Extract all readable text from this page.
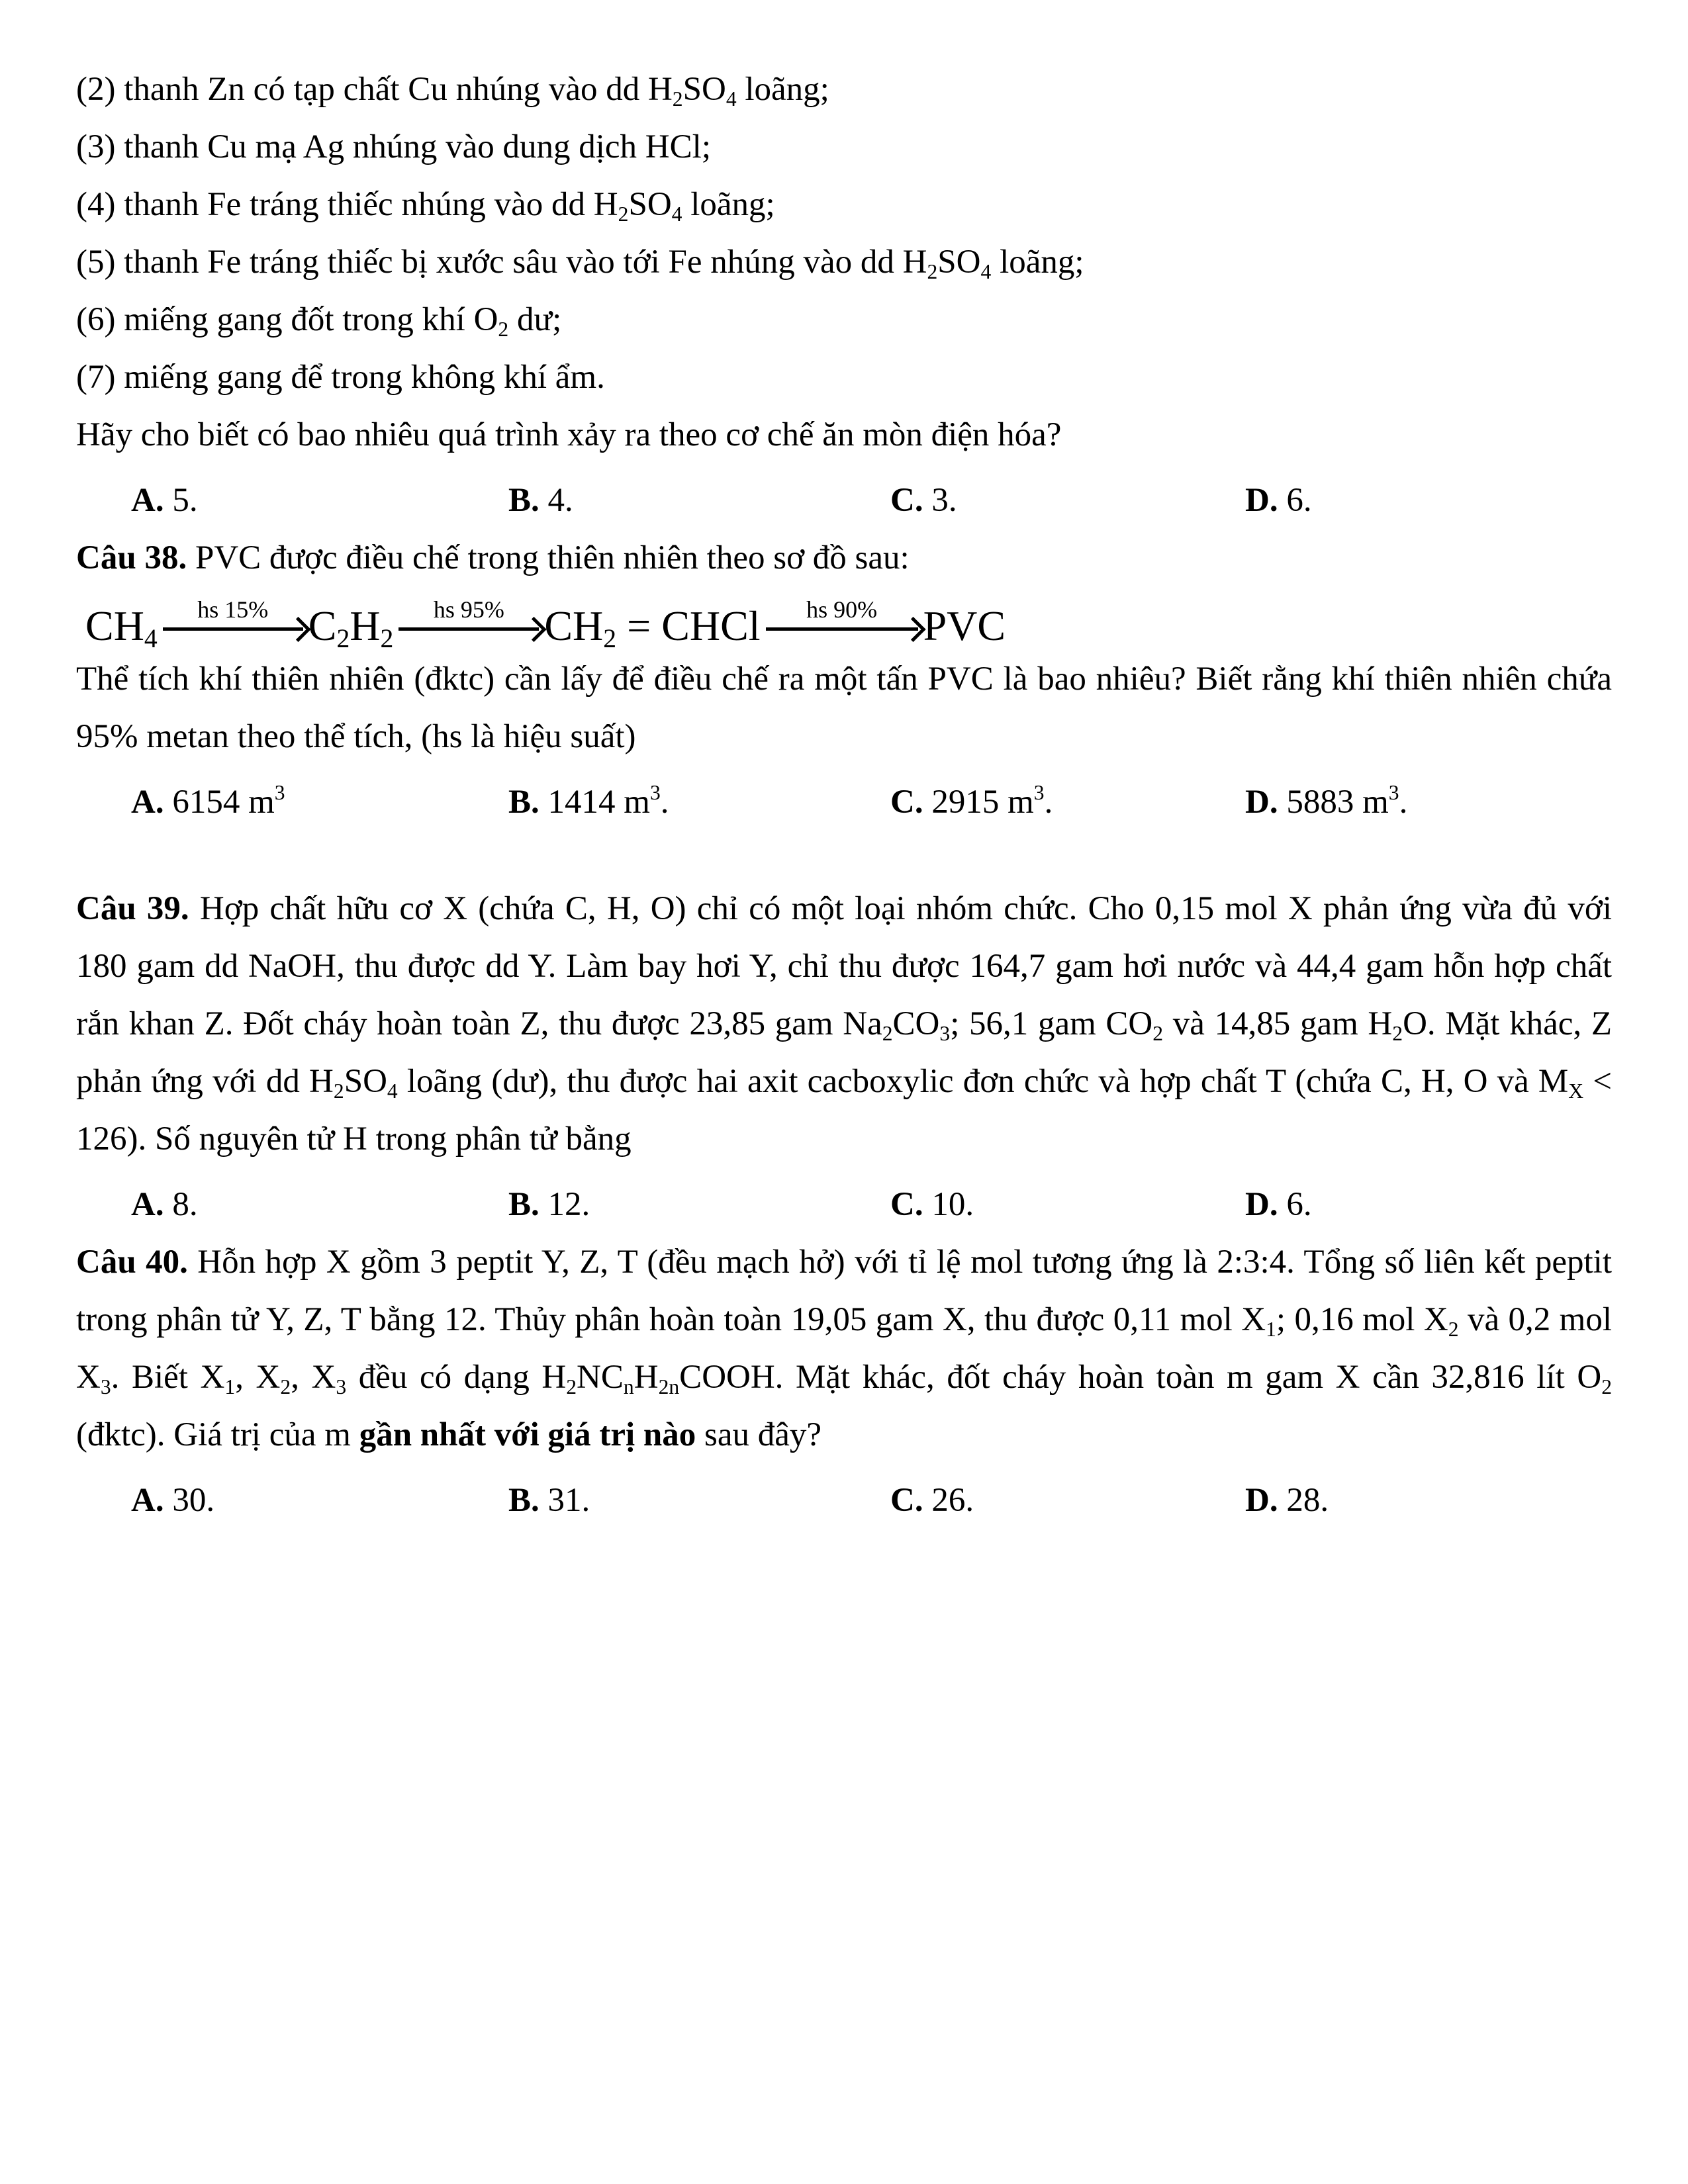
(2) thanh Zn có tạp chất Cu nhúng vào dd $H_2SO_4$ loãng;

(3) thanh Cu mạ Ag nhúng vào dung dịch HCl;

(4) thanh Fe tráng thiếc nhúng vào dd $H_2SO_4$ loãng;

(5) thanh Fe tráng thiếc bị xước sâu vào tới Fe nhúng vào dd $H_2SO_4$ loãng;

(6) miếng gang đốt trong khí $O_2$ dư;

(7) miếng gang để trong không khí ẩm.

Hãy cho biết có bao nhiêu quá trình xảy ra theo cơ chế ăn mòn điện hóa?

A. 5.	B. 4.	C. 3.	D. 6.

Câu 38. PVC được điều chế trong thiên nhiên theo sơ đồ sau:

$CH_4$
hs 15% $C_2H_2$
hs 95% $CH_2$ = CHCl hs 90% PVC

Thể tích khí thiên nhiên (đktc) cần lấy để điều chế ra một tấn PVC là bao nhiêu? Biết rằng khí thiên nhiên chứa 95% metan theo thể tích, (hs là hiệu suất)

A. 6154 $m^3$	B. 1414 $m^3$.	C. 2915 $m^3$.	D. 5883 $m^3$.

Câu 39. Hợp chất hữu cơ X (chứa C, H, O) chỉ có một loại nhóm chức. Cho 0,15 mol X phản ứng vừa đủ với 180 gam dd NaOH, thu được dd Y. Làm bay hơi Y, chỉ thu được 164,7 gam hơi nước và 44,4 gam hỗn hợp chất rắn khan Z. Đốt cháy hoàn toàn Z, thu được 23,85 gam $Na_2CO_3$; 56,1 gam $CO_2$ và 14,85 gam $H_2O$. Mặt khác, Z phản ứng với dd $H_2SO_4$ loãng (dư), thu được hai axit cacboxylic đơn chức và hợp chất T (chứa C, H, O và $M_X < 126$). Số nguyên tử H trong phân tử bằng

A. 8.	B. 12.	C. 10.	D. 6.

Câu 40. Hỗn hợp X gồm 3 peptit Y, Z, T (đều mạch hở) với tỉ lệ mol tương ứng là 2:3:4. Tổng số liên kết peptit trong phân tử Y, Z, T bằng 12. Thủy phân hoàn toàn 19,05 gam X, thu được 0,11 mol $X_1$; 0,16 mol $X_2$ và 0,2 mol $X_3$. Biết $X_1$, $X_2$, $X_3$ đều có dạng $H_2NC_nH_{2n}COOH$. Mặt khác, đốt cháy hoàn toàn m gam X cần 32,816 lít $O_2$ (đktc). Giá trị của m gần nhất với giá trị nào sau đây?

A. 30.	B. 31.	C. 26.	D. 28.
